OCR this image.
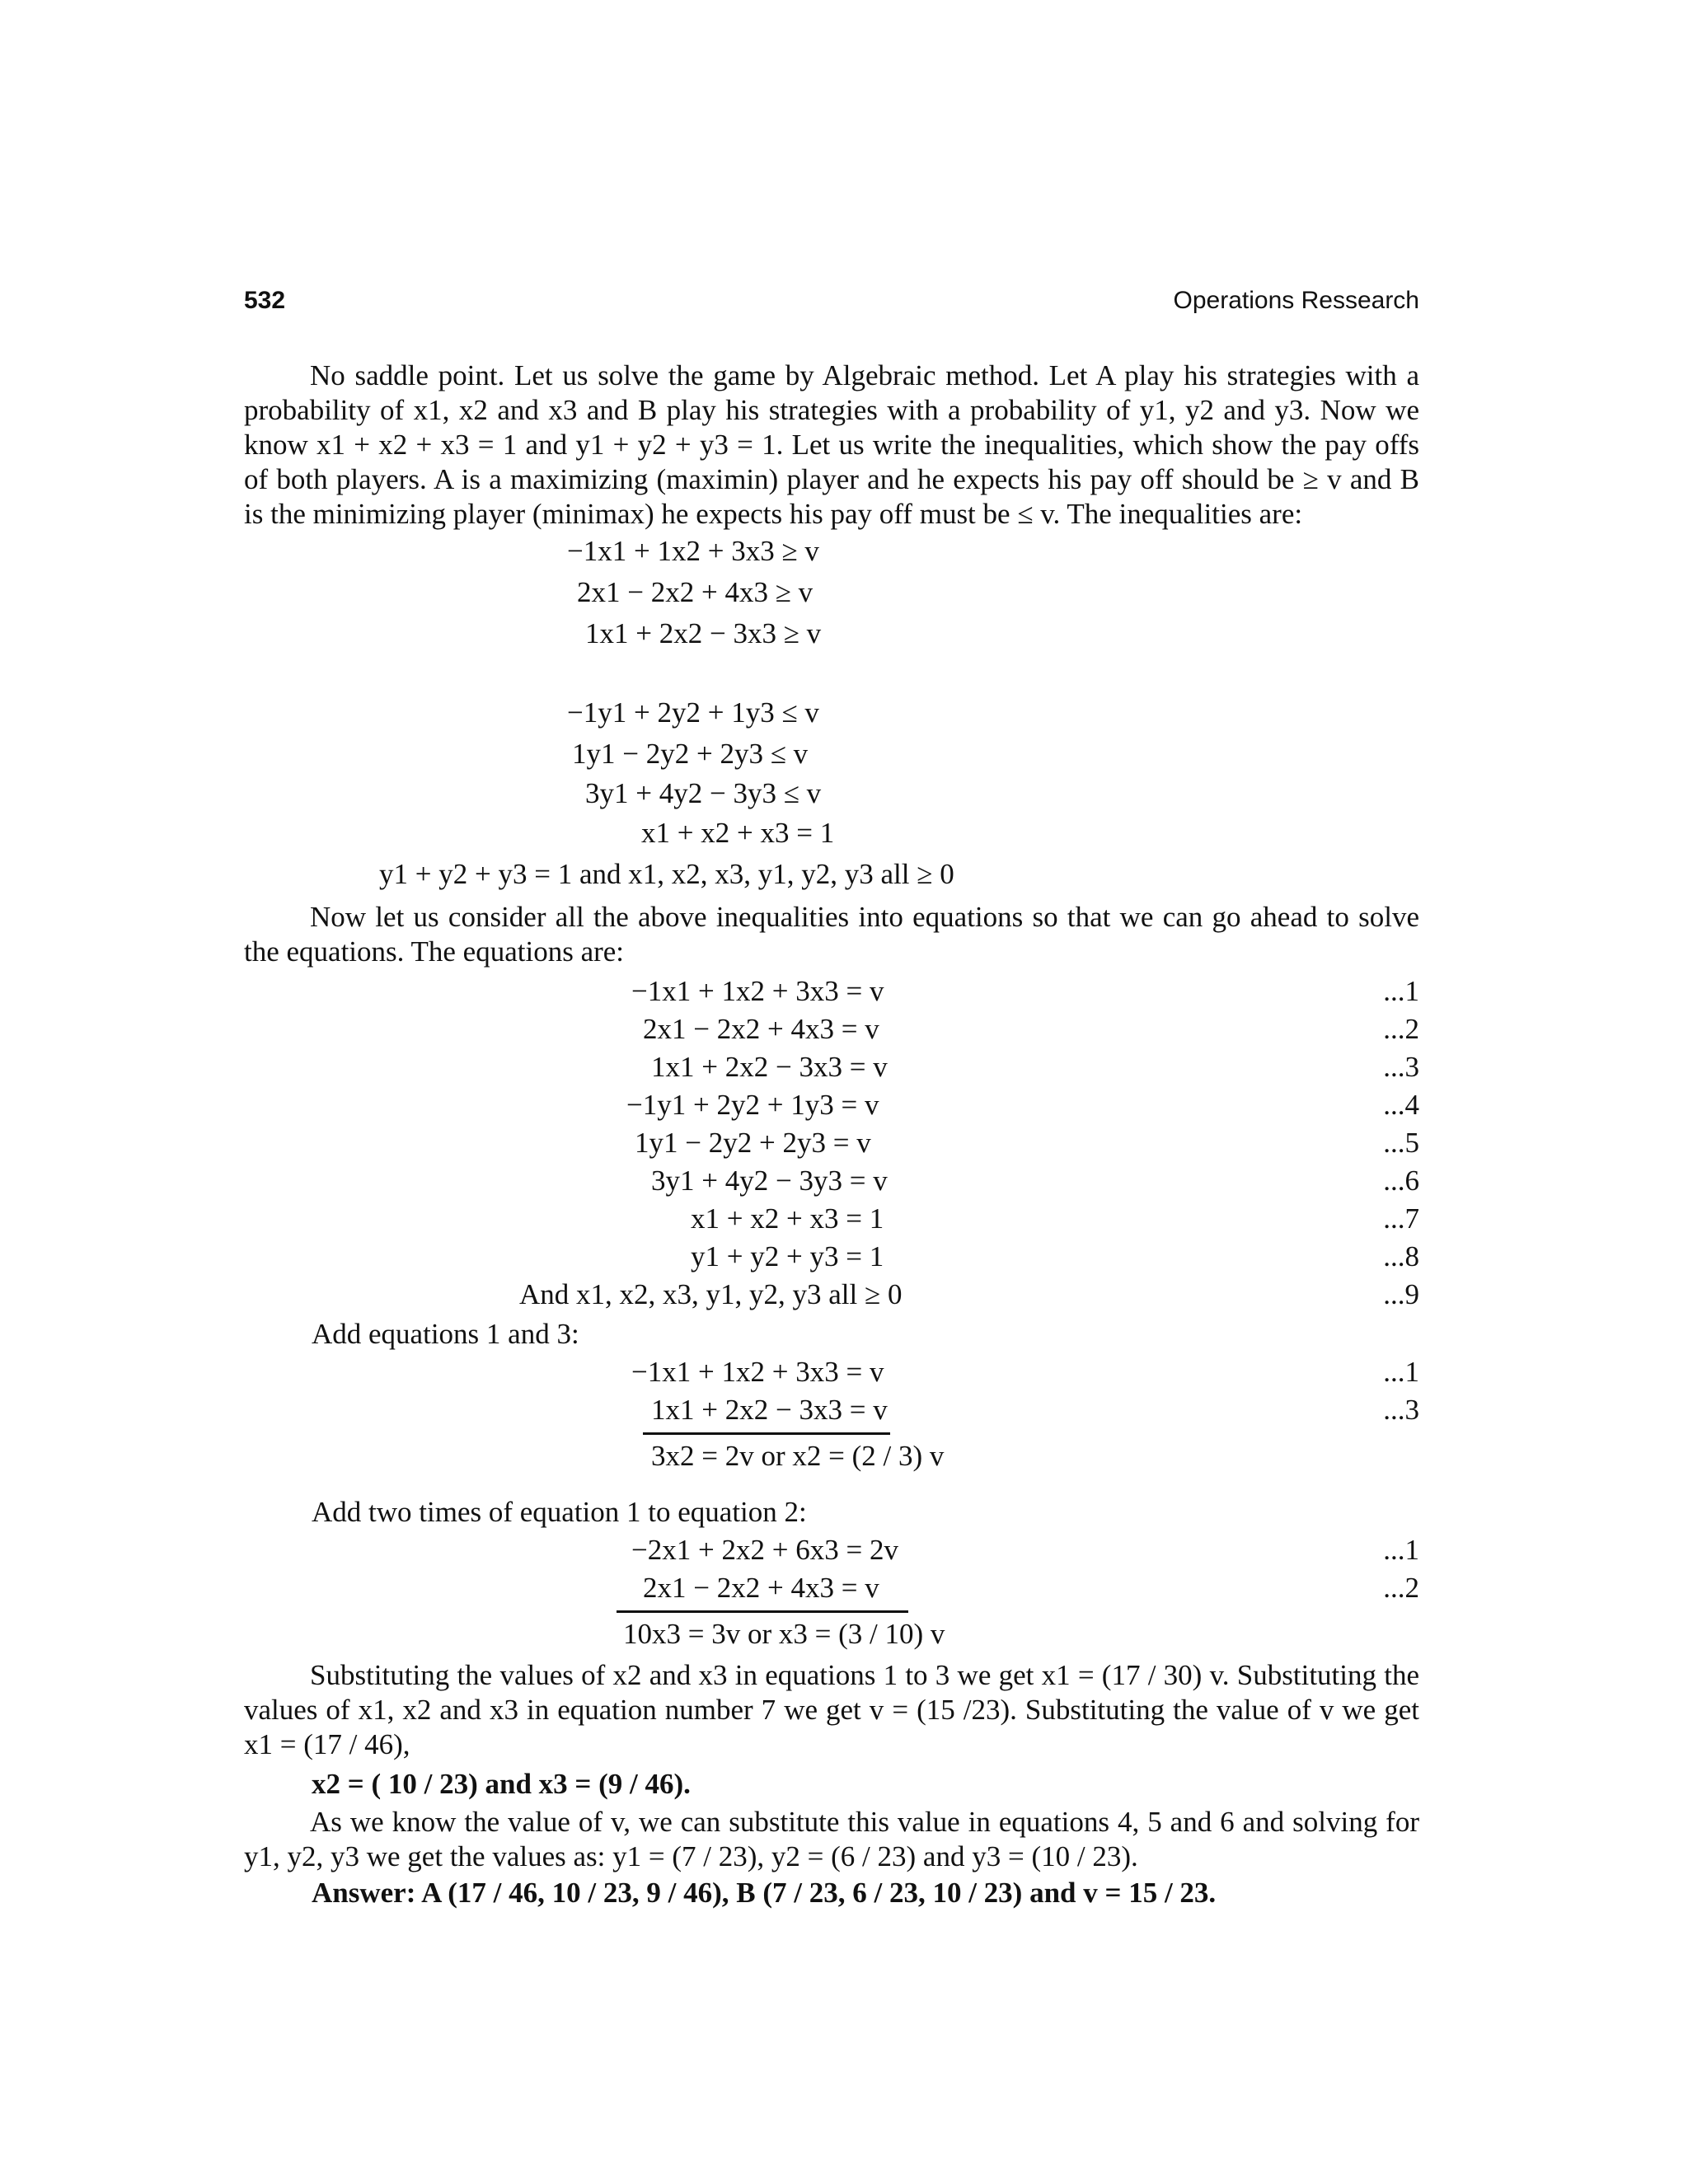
532	Operations Ressearch
No saddle point. Let us solve the game by Algebraic method. Let A play his strategies with a probability of x1, x2 and x3 and B play his strategies with a probability of y1, y2 and y3. Now we know x1 + x2 + x3 = 1 and y1 + y2 + y3 = 1. Let us write the inequalities, which show the pay offs of both players. A is a maximizing (maximin) player and he expects his pay off should be ≥ v and B is the minimizing player (minimax) he expects his pay off must be ≤ v. The inequalities are:
−1x1 + 1x2 + 3x3 ≥ v
2x1 − 2x2 + 4x3 ≥ v
1x1 + 2x2 − 3x3 ≥ v
−1y1 + 2y2 + 1y3 ≤ v
1y1 − 2y2 + 2y3 ≤ v
3y1 + 4y2 − 3y3 ≤ v
x1 + x2 + x3 = 1
y1 + y2 + y3 = 1 and x1, x2, x3, y1, y2, y3 all ≥ 0
Now let us consider all the above inequalities into equations so that we can go ahead to solve the equations. The equations are:
−1x1 + 1x2 + 3x3 = v	...1
2x1 − 2x2 + 4x3 = v	...2
1x1 + 2x2 − 3x3 = v	...3
−1y1 + 2y2 + 1y3 = v	...4
1y1 − 2y2 + 2y3 = v	...5
3y1 + 4y2 − 3y3 = v	...6
x1 + x2 + x3 = 1	...7
y1 + y2 + y3 = 1	...8
And x1, x2, x3, y1, y2, y3 all ≥ 0	...9
Add equations 1 and 3:
−1x1 + 1x2 + 3x3 = v	...1
1x1 + 2x2 − 3x3 = v	...3
3x2 = 2v or x2 = (2 / 3) v
Add two times of equation 1 to equation 2:
−2x1 + 2x2 + 6x3 = 2v	...1
2x1 − 2x2 + 4x3 = v	...2
10x3 = 3v or x3 = (3 / 10) v
Substituting the values of x2 and x3 in equations 1 to 3 we get x1 = (17 / 30) v. Substituting the values of x1, x2 and x3 in equation number 7 we get v = (15 /23). Substituting the value of v we get x1 = (17 / 46),
x2 = ( 10 / 23) and x3 = (9 / 46).
As we know the value of v, we can substitute this value in equations 4, 5 and 6 and solving for y1, y2, y3 we get the values as: y1 = (7 / 23), y2 = (6 / 23) and y3 = (10 / 23).
Answer: A (17 / 46, 10 / 23, 9 / 46), B (7 / 23, 6 / 23, 10 / 23) and v = 15 / 23.
